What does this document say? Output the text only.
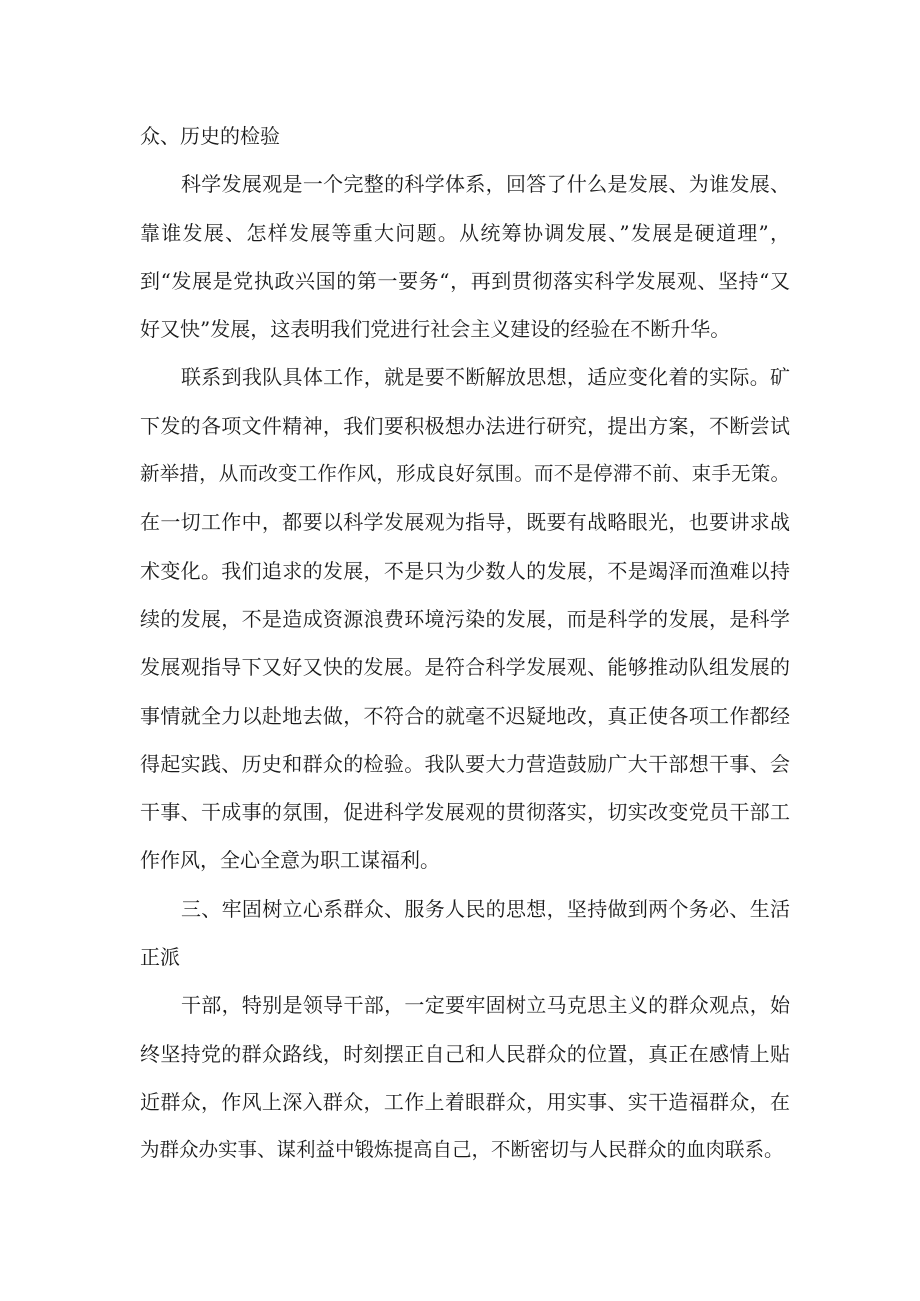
众、历史的检验
科学发展观是一个完整的科学体系，回答了什么是发展、为谁发展、
靠谁发展、怎样发展等重大问题。从统筹协调发展、”发展是硬道理”，
到“发展是党执政兴国的第一要务“，再到贯彻落实科学发展观、坚持“又
好又快”发展，这表明我们党进行社会主义建设的经验在不断升华。
联系到我队具体工作，就是要不断解放思想，适应变化着的实际。矿
下发的各项文件精神，我们要积极想办法进行研究，提出方案，不断尝试
新举措，从而改变工作作风，形成良好氛围。而不是停滞不前、束手无策。
在一切工作中，都要以科学发展观为指导，既要有战略眼光，也要讲求战
术变化。我们追求的发展，不是只为少数人的发展，不是竭泽而渔难以持
续的发展，不是造成资源浪费环境污染的发展，而是科学的发展，是科学
发展观指导下又好又快的发展。是符合科学发展观、能够推动队组发展的
事情就全力以赴地去做，不符合的就毫不迟疑地改，真正使各项工作都经
得起实践、历史和群众的检验。我队要大力营造鼓励广大干部想干事、会
干事、干成事的氛围，促进科学发展观的贯彻落实，切实改变党员干部工
作作风，全心全意为职工谋福利。
三、牢固树立心系群众、服务人民的思想，坚持做到两个务必、生活
正派
干部，特别是领导干部，一定要牢固树立马克思主义的群众观点，始
终坚持党的群众路线，时刻摆正自己和人民群众的位置，真正在感情上贴
近群众，作风上深入群众，工作上着眼群众，用实事、实干造福群众，在
为群众办实事、谋利益中锻炼提高自己，不断密切与人民群众的血肉联系。
